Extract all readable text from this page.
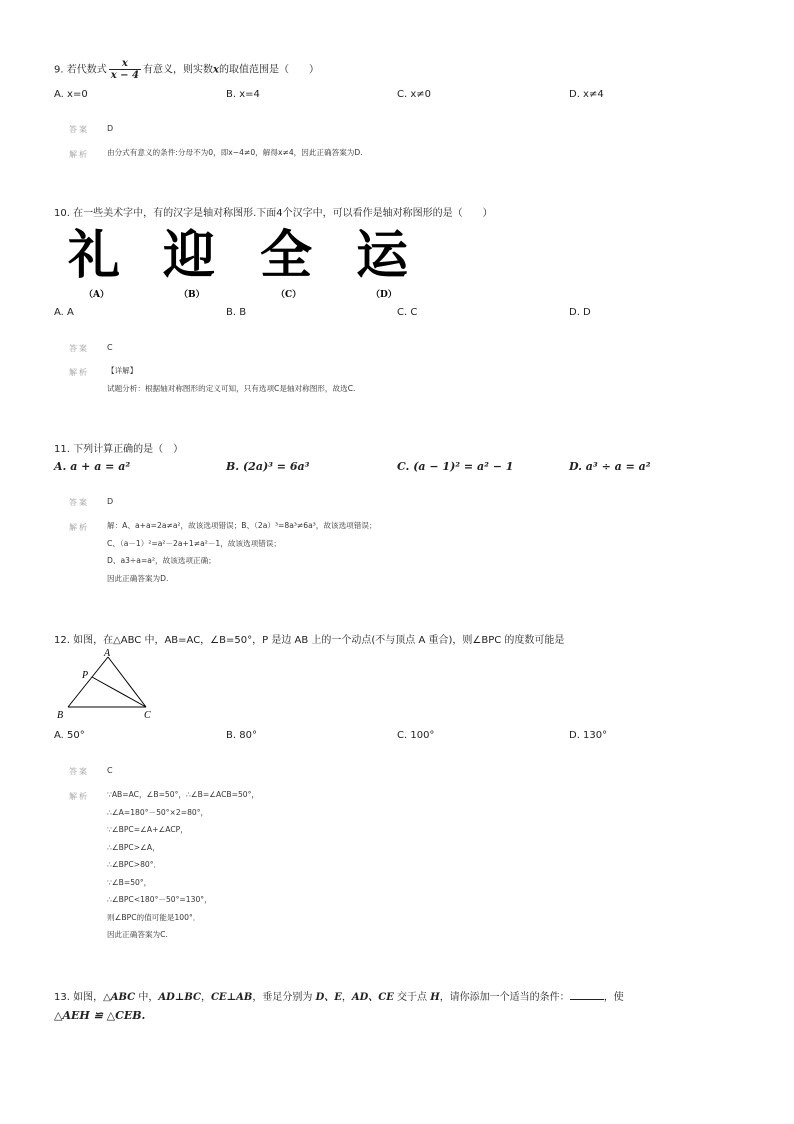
9. 若代数式 $\frac{x}{x - 4}$ 有意义，则实数x的取值范围是（　　）
A. x=0	B. x=4	C. x≠0	D. x≠4
答案 D
解析 由分式有意义的条件:分母不为0，即x−4≠0，解得x≠4，因此正确答案为D.
10. 在一些美术字中，有的汉字是轴对称图形.下面4个汉字中，可以看作是轴对称图形的是（　　）
礼 迎 全 运
（A）	（B）	（C）	（D）
A. A	B. B	C. C	D. D
答案 C
解析 【详解】
试题分析：根据轴对称图形的定义可知，只有选项C是轴对称图形，故选C.
11. 下列计算正确的是（　）
A. a + a = a²	B. (2a)³ = 6a³	C. (a − 1)² = a² − 1	D. a³ ÷ a = a²
答案 D
解析 解：A、a+a=2a≠a²，故该选项错误；B、（2a）³=8a³≠6a³，故该选项错误；
C、（a－1）²=a²－2a+1≠a²－1，故该选项错误；
D、a3÷a=a²，故该选项正确；
因此正确答案为D.
12. 如图，在△ABC 中，AB=AC，∠B=50°，P 是边 AB 上的一个动点(不与顶点 A 重合)，则∠BPC 的度数可能是
A
P
B	C
A. 50°	B. 80°	C. 100°	D. 130°
答案 C
解析 ∵AB=AC，∠B=50°，∴∠B=∠ACB=50°，
∴∠A=180°－50°×2=80°，
∵∠BPC=∠A+∠ACP，
∴∠BPC>∠A，
∴∠BPC>80°．
∵∠B=50°，
∴∠BPC<180°－50°=130°，
则∠BPC的值可能是100°．
因此正确答案为C.
13. 如图，△ABC 中，AD⊥BC，CE⊥AB，垂足分别为 D、E，AD、CE 交于点 H，请你添加一个适当的条件：	，使
△AEH ≌ △CEB.
